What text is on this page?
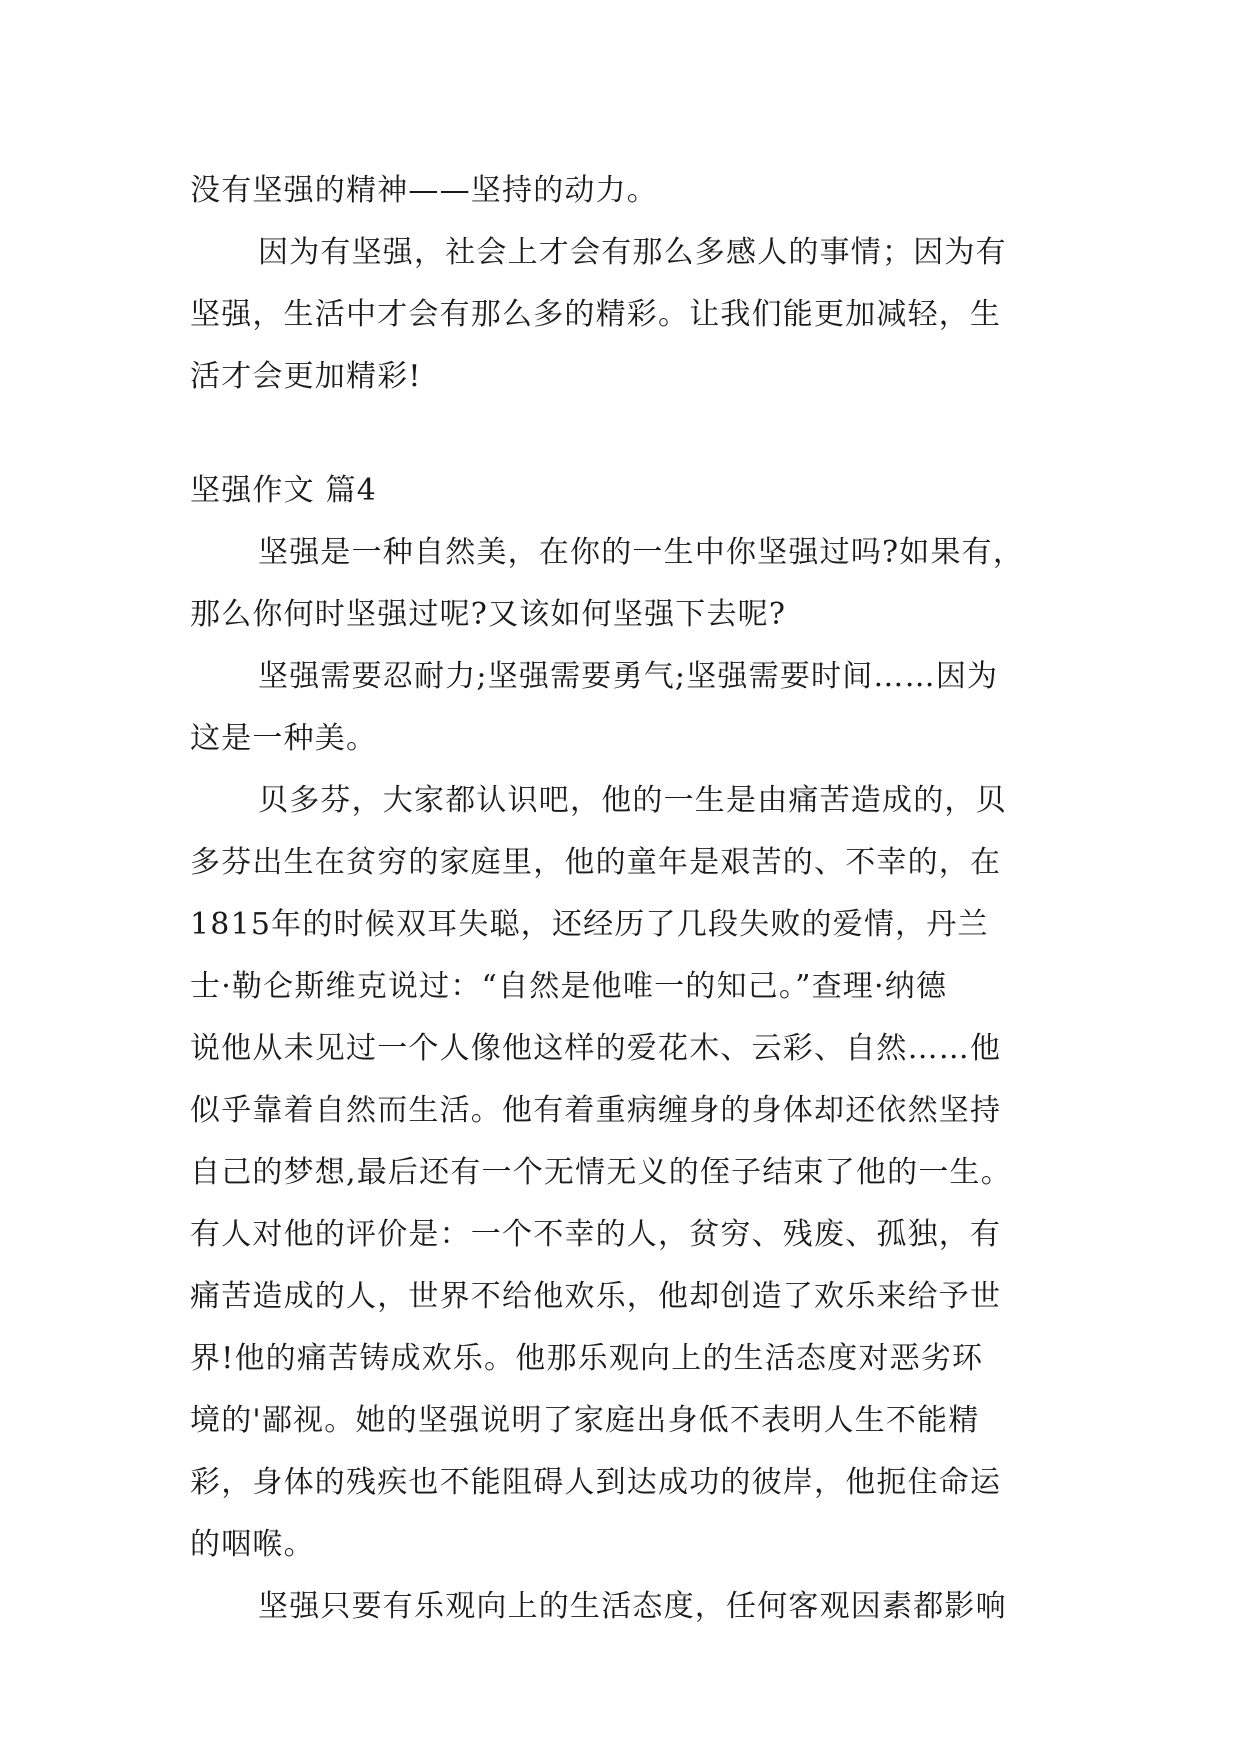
没有坚强的精神——坚持的动力。
因为有坚强，社会上才会有那么多感人的事情；因为有
坚强，生活中才会有那么多的精彩。让我们能更加减轻，生
活才会更加精彩!
坚强作文 篇4
坚强是一种自然美，在你的一生中你坚强过吗?如果有，
那么你何时坚强过呢?又该如何坚强下去呢?
坚强需要忍耐力;坚强需要勇气;坚强需要时间……因为
这是一种美。
贝多芬，大家都认识吧，他的一生是由痛苦造成的，贝
多芬出生在贫穷的家庭里，他的童年是艰苦的、不幸的，在
1815年的时候双耳失聪，还经历了几段失败的爱情，丹兰
士·勒仑斯维克说过：“自然是他唯一的知己。”查理·纳德
说他从未见过一个人像他这样的爱花木、云彩、自然……他
似乎靠着自然而生活。他有着重病缠身的身体却还依然坚持
自己的梦想,最后还有一个无情无义的侄子结束了他的一生。
有人对他的评价是：一个不幸的人，贫穷、残废、孤独，有
痛苦造成的人，世界不给他欢乐，他却创造了欢乐来给予世
界!他的痛苦铸成欢乐。他那乐观向上的生活态度对恶劣环
境的'鄙视。她的坚强说明了家庭出身低不表明人生不能精
彩，身体的残疾也不能阻碍人到达成功的彼岸，他扼住命运
的咽喉。
坚强只要有乐观向上的生活态度，任何客观因素都影响
